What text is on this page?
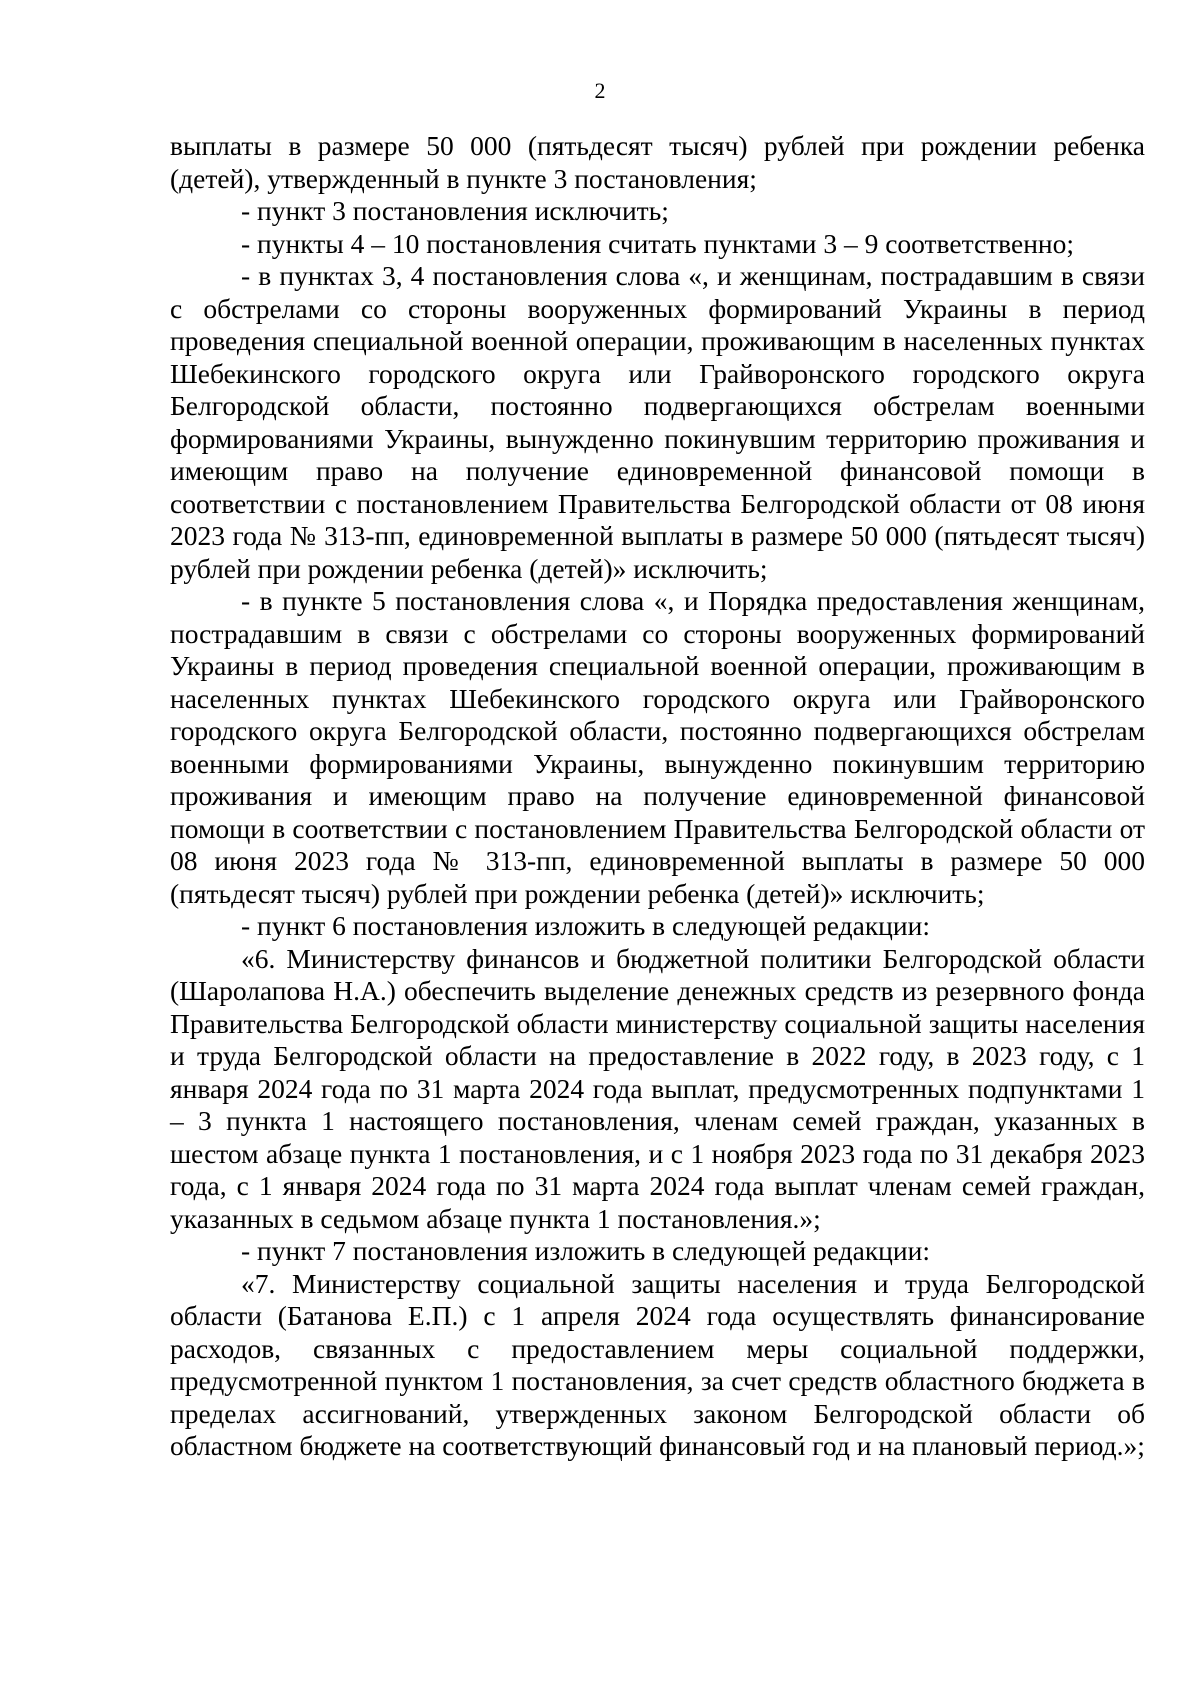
2

выплаты в размере 50 000 (пятьдесят тысяч) рублей при рождении ребенка (детей), утвержденный в пункте 3 постановления;

- пункт 3 постановления исключить;

- пункты 4 – 10 постановления считать пунктами 3 – 9 соответственно;

- в пунктах 3, 4 постановления слова «, и женщинам, пострадавшим в связи с обстрелами со стороны вооруженных формирований Украины в период проведения специальной военной операции, проживающим в населенных пунктах Шебекинского городского округа или Грайворонского городского округа Белгородской области, постоянно подвергающихся обстрелам военными формированиями Украины, вынужденно покинувшим территорию проживания и имеющим право на получение единовременной финансовой помощи в соответствии с постановлением Правительства Белгородской области от 08 июня 2023 года № 313-пп, единовременной выплаты в размере 50 000 (пятьдесят тысяч) рублей при рождении ребенка (детей)» исключить;

- в пункте 5 постановления слова «, и Порядка предоставления женщинам, пострадавшим в связи с обстрелами со стороны вооруженных формирований Украины в период проведения специальной военной операции, проживающим в населенных пунктах Шебекинского городского округа или Грайворонского городского округа Белгородской области, постоянно подвергающихся обстрелам военными формированиями Украины, вынужденно покинувшим территорию проживания и имеющим право на получение единовременной финансовой помощи в соответствии с постановлением Правительства Белгородской области от 08 июня 2023 года № 313-пп, единовременной выплаты в размере 50 000 (пятьдесят тысяч) рублей при рождении ребенка (детей)» исключить;

- пункт 6 постановления изложить в следующей редакции:

«6. Министерству финансов и бюджетной политики Белгородской области (Шаролапова Н.А.) обеспечить выделение денежных средств из резервного фонда Правительства Белгородской области министерству социальной защиты населения и труда Белгородской области на предоставление в 2022 году, в 2023 году, с 1 января 2024 года по 31 марта 2024 года выплат, предусмотренных подпунктами 1 – 3 пункта 1 настоящего постановления, членам семей граждан, указанных в шестом абзаце пункта 1 постановления, и с 1 ноября 2023 года по 31 декабря 2023 года, с 1 января 2024 года по 31 марта 2024 года выплат членам семей граждан, указанных в седьмом абзаце пункта 1 постановления.»;

- пункт 7 постановления изложить в следующей редакции:

«7. Министерству социальной защиты населения и труда Белгородской области (Батанова Е.П.) с 1 апреля 2024 года осуществлять финансирование расходов, связанных с предоставлением меры социальной поддержки, предусмотренной пунктом 1 постановления, за счет средств областного бюджета в пределах ассигнований, утвержденных законом Белгородской области об областном бюджете на соответствующий финансовый год и на плановый период.»;
